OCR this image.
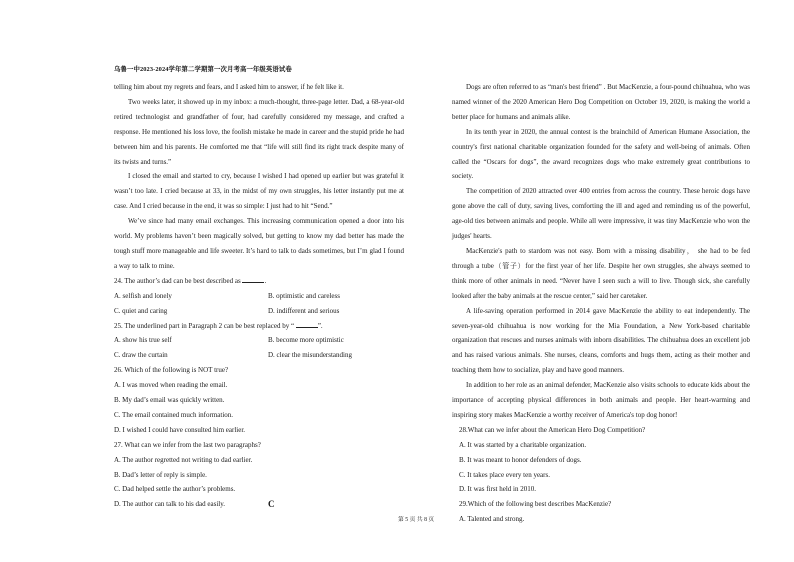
乌鲁一中2023-2024学年第二学期第一次月考高一年级英语试卷

telling him about my regrets and fears, and I asked him to answer, if he felt like it.

Two weeks later, it showed up in my inbox: a much-thought, three-page letter. Dad, a 68-year-old retired technologist and grandfather of four, had carefully considered my message, and crafted a response. He mentioned his loss love, the foolish mistake he made in career and the stupid pride he had between him and his parents. He comforted me that “life will still find its right track despite many of its twists and turns.”

I closed the email and started to cry, because I wished I had opened up earlier but was grateful it wasn’t too late. I cried because at 33, in the midst of my own struggles, his letter instantly put me at case. And I cried because in the end, it was so simple: I just had to hit “Send.”

We’ve since had many email exchanges. This increasing communication opened a door into his world. My problems haven’t been magically solved, but getting to know my dad better has made the tough stuff more manageable and life sweeter. It’s hard to talk to dads sometimes, but I’m glad I found a way to talk to mine.

24. The author’s dad can be best described as	.
A. selfish and lonely	B. optimistic and careless
C. quiet and caring	D. indifferent and serious
25. The underlined part in Paragraph 2 can be best replaced by “	”.
A. show his true self	B. become more optimistic
C. draw the curtain	D. clear the misunderstanding
26. Which of the following is NOT true?
A. I was moved when reading the email.
B. My dad’s email was quickly written.
C. The email contained much information.
D. I wished I could have consulted him earlier.
27. What can we infer from the last two paragraphs?
A. The author regretted not writing to dad earlier.
B. Dad’s letter of reply is simple.
C. Dad helped settle the author’s problems.
D. The author can talk to his dad easily.	C

Dogs are often referred to as “man's best friend” . But MacKenzie, a four-pound chihuahua, who was named winner of the 2020 American Hero Dog Competition on October 19, 2020, is making the world a better place for humans and animals alike.

In its tenth year in 2020, the annual contest is the brainchild of American Humane Association, the country's first national charitable organization founded for the safety and well-being of animals. Often called the “Oscars for dogs”, the award recognizes dogs who make extremely great contributions to society.

The competition of 2020 attracted over 400 entries from across the country. These heroic dogs have gone above the call of duty, saving lives, comforting the ill and aged and reminding us of the powerful, age-old ties between animals and people. While all were impressive, it was tiny MacKenzie who won the judges' hearts.

MacKenzie's path to stardom was not easy. Born with a missing disability， she had to be fed through a tube（管子）for the first year of her life. Despite her own struggles, she always seemed to think more of other animals in need. “Never have I seen such a will to live. Though sick, she carefully looked after the baby animals at the rescue center,” said her caretaker.

A life-saving operation performed in 2014 gave MacKenzie the ability to eat independently. The seven-year-old chihuahua is now working for the Mia Foundation, a New York-based charitable organization that rescues and nurses animals with inborn disabilities. The chihuahua does an excellent job and has raised various animals. She nurses, cleans, comforts and hugs them, acting as their mother and teaching them how to socialize, play and have good manners.

In addition to her role as an animal defender, MacKenzie also visits schools to educate kids about the importance of accepting physical differences in both animals and people. Her heart-warming and inspiring story makes MacKenzie a worthy receiver of America's top dog honor!

28.What can we infer about the American Hero Dog Competition?
A. It was started by a charitable organization.
B. It was meant to honor defenders of dogs.
C. It takes place every ten years.
D. It was first held in 2010.
29.Which of the following best describes MacKenzie?
A. Talented and strong.
第 5 页 共 8 页
